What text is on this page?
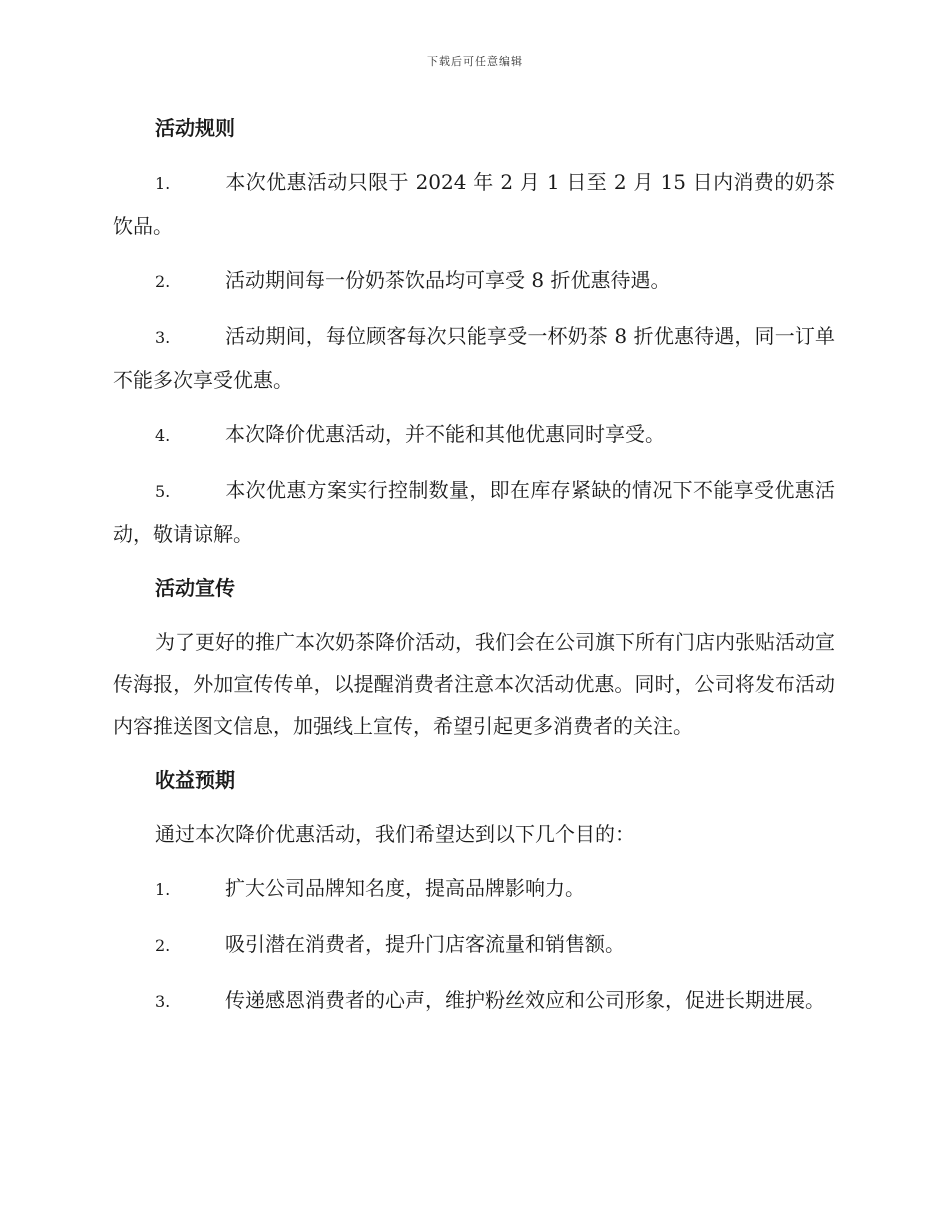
下载后可任意编辑
活动规则
1.	本次优惠活动只限于 2024 年 2 月 1 日至 2 月 15 日内消费的奶茶饮品。
2.	活动期间每一份奶茶饮品均可享受 8 折优惠待遇。
3.	活动期间，每位顾客每次只能享受一杯奶茶 8 折优惠待遇，同一订单不能多次享受优惠。
4.	本次降价优惠活动，并不能和其他优惠同时享受。
5.	本次优惠方案实行控制数量，即在库存紧缺的情况下不能享受优惠活动，敬请谅解。
活动宣传
为了更好的推广本次奶茶降价活动，我们会在公司旗下所有门店内张贴活动宣传海报，外加宣传传单，以提醒消费者注意本次活动优惠。同时，公司将发布活动内容推送图文信息，加强线上宣传，希望引起更多消费者的关注。
收益预期
通过本次降价优惠活动，我们希望达到以下几个目的：
1.	扩大公司品牌知名度，提高品牌影响力。
2.	吸引潜在消费者，提升门店客流量和销售额。
3.	传递感恩消费者的心声，维护粉丝效应和公司形象，促进长期进展。
